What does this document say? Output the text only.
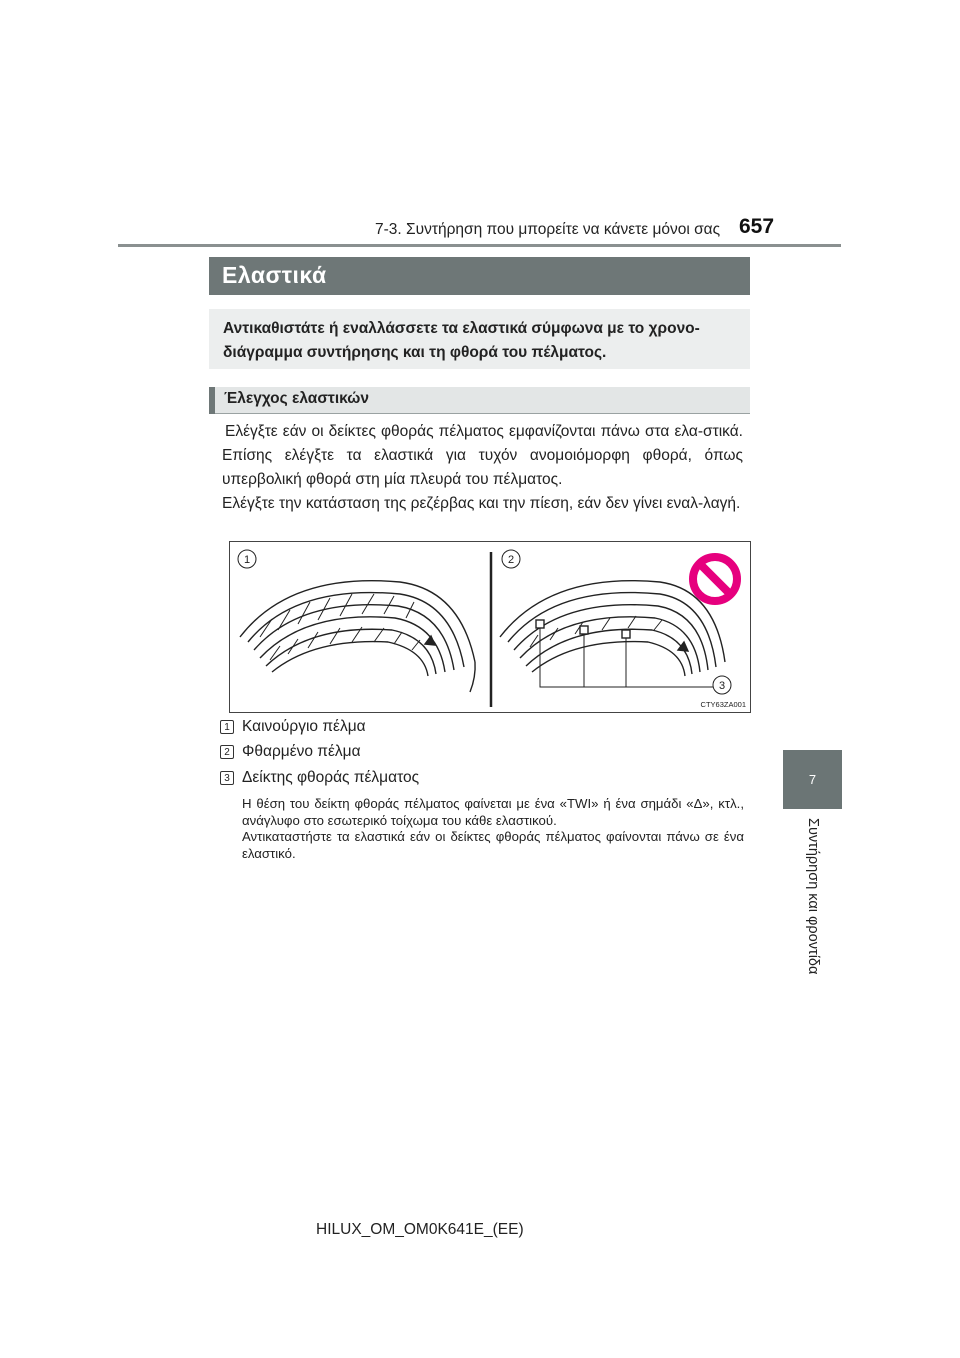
7-3. Συντήρηση που μπορείτε να κάνετε μόνοι σας 657
7
Συντήρηση και φροντίδα
Ελαστικά

Αντικαθιστάτε ή εναλλάσσετε τα ελαστικά σύμφωνα με το χρονο-διάγραμμα συντήρησης και τη φθορά του πέλματος.

Έλεγχος ελαστικών

Ελέγξτε εάν οι δείκτες φθοράς πέλματος εμφανίζονται πάνω στα ελα-στικά. Επίσης ελέγξτε τα ελαστικά για τυχόν ανομοιόμορφη φθορά, όπως υπερβολική φθορά στη μία πλευρά του πέλματος.

Ελέγξτε την κατάσταση της ρεζέρβας και την πίεση, εάν δεν γίνει εναλ-λαγή.

1	2
3
CTY63ZA001
1 Καινούργιο πέλμα
2 Φθαρμένο πέλμα
3 Δείκτης φθοράς πέλματος

Η θέση του δείκτη φθοράς πέλματος φαίνεται με ένα «TWI» ή ένα σημάδι «Δ», κτλ., ανάγλυφο στο εσωτερικό τοίχωμα του κάθε ελαστικού.

Αντικαταστήστε τα ελαστικά εάν οι δείκτες φθοράς πέλματος φαίνονται πάνω σε ένα ελαστικό.

HILUX_OM_OM0K641E_(EE)
